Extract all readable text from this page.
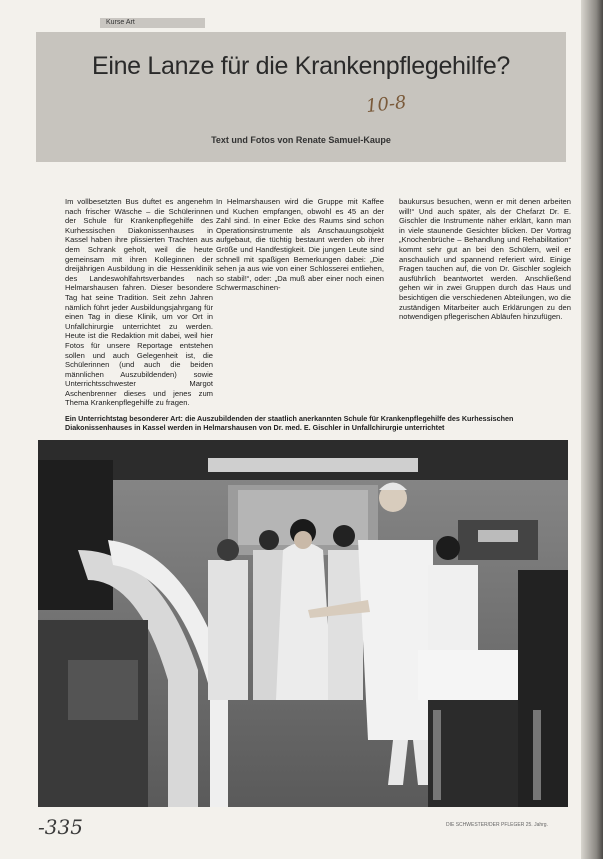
Kurse Art
Eine Lanze für die Krankenpflegehilfe?
10-8
Text und Fotos von Renate Samuel-Kaupe

Im vollbesetzten Bus duftet es angenehm nach frischer Wäsche – die Schülerinnen der Schule für Krankenpflegehilfe des Kurhessischen Diakonissenhauses in Kassel haben ihre plissierten Trachten aus dem Schrank geholt, weil die heute gemeinsam mit ihren Kolleginnen der dreijährigen Ausbildung in die Hessenklinik des Landeswohlfahrtsverbandes nach Helmarshausen fahren. Dieser besondere Tag hat seine Tradition. Seit zehn Jahren nämlich führt jeder Ausbildungsjahrgang für einen Tag in diese Klinik, um vor Ort in Unfallchirurgie unterrichtet zu werden. Heute ist die Redaktion mit dabei, weil hier Fotos für unsere Reportage entstehen sollen und auch Gelegenheit ist, die Schülerinnen (und auch die beiden männlichen Auszubildenden) sowie Unterrichtsschwester Margot Aschenbrenner dieses und jenes zum Thema Krankenpflegehilfe zu fragen.

In Helmarshausen wird die Gruppe mit Kaffee und Kuchen empfangen, obwohl es 45 an der Zahl sind. In einer Ecke des Raums sind schon Operationsinstrumente als Anschauungsobjekt aufgebaut, die tüchtig bestaunt werden ob ihrer Größe und Handfestigkeit. Die jungen Leute sind schnell mit spaßigen Bemerkungen dabei: „Die sehen ja aus wie von einer Schlosserei entliehen, so stabil!“, oder: „Da muß aber einer noch einen Schwermaschinen-

baukursus besuchen, wenn er mit denen arbeiten will!“ Und auch später, als der Chefarzt Dr. E. Gischler die Instrumente näher erklärt, kann man in viele staunende Gesichter blicken. Der Vortrag „Knochenbrüche – Behandlung und Rehabilitation“ kommt sehr gut an bei den Schülern, weil er anschaulich und spannend referiert wird. Einige Fragen tauchen auf, die von Dr. Gischler sogleich ausführlich beantwortet werden. Anschließend gehen wir in zwei Gruppen durch das Haus und besichtigen die verschiedenen Abteilungen, wo die zuständigen Mitarbeiter auch Erklärungen zu den notwendigen pflegerischen Abläufen hinzufügen.

Ein Unterrichtstag besonderer Art: die Auszubildenden der staatlich anerkannten Schule für Krankenpflegehilfe des Kurhessischen Diakonissenhauses in Kassel werden in Helmarshausen von Dr. med. E. Gischler in Unfallchirurgie unterrichtet
-335	DIE SCHWESTER/DER PFLEGER 25. Jahrg.
